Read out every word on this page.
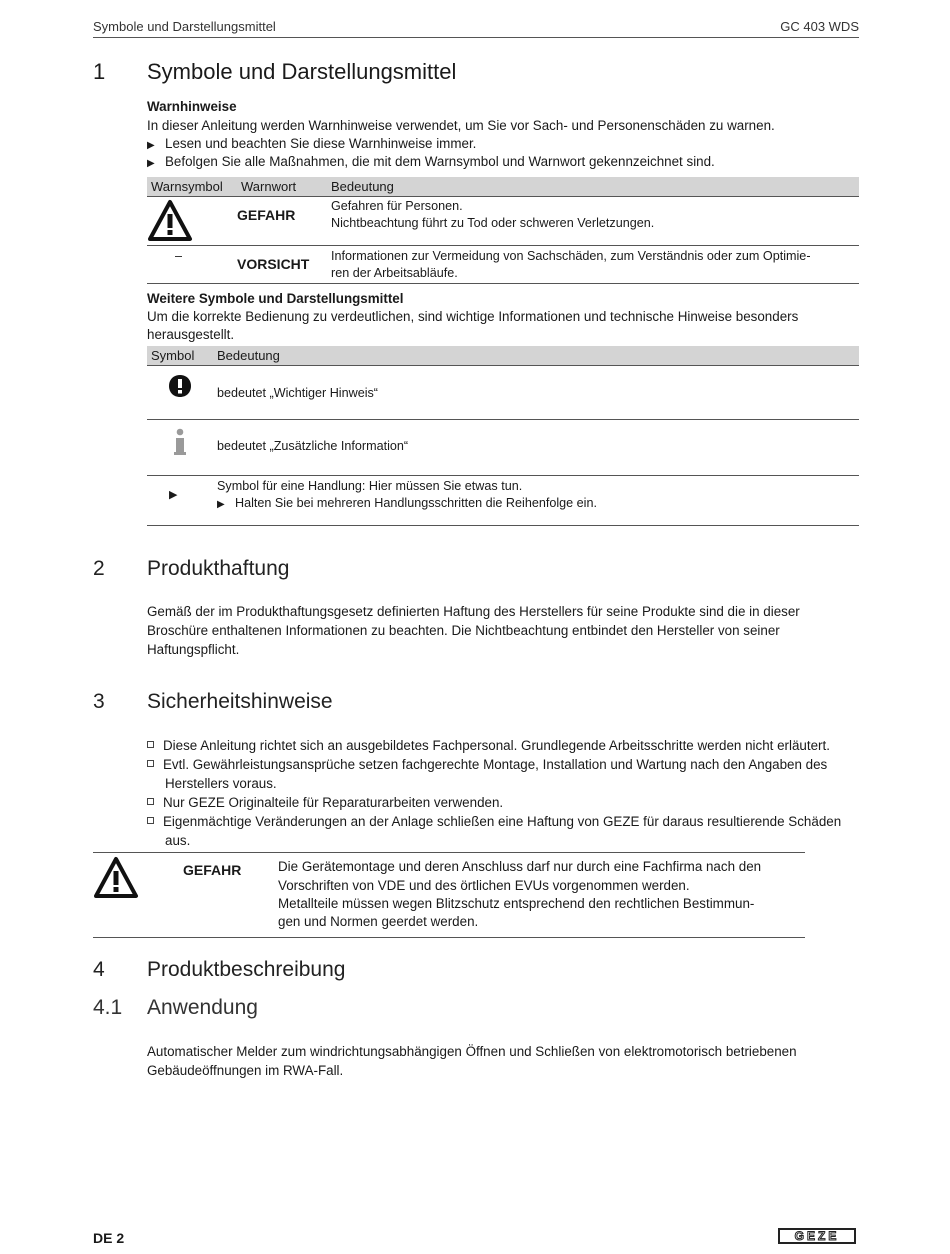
Symbole und Darstellungsmittel	GC 403 WDS
1 Symbole und Darstellungsmittel
Warnhinweise
In dieser Anleitung werden Warnhinweise verwendet, um Sie vor Sach- und Personenschäden zu warnen.
▶ Lesen und beachten Sie diese Warnhinweise immer.
▶ Befolgen Sie alle Maßnahmen, die mit dem Warnsymbol und Warnwort gekennzeichnet sind.
Warnsymbol Warnwort	Bedeutung
GEFAHR
Gefahren für Personen.
Nichtbeachtung führt zu Tod oder schweren Verletzungen.
–	VORSICHT Informationen zur Vermeidung von Sachschäden, zum Verständnis oder zum Optimie-
ren der Arbeitsabläufe.
Weitere Symbole und Darstellungsmittel
Um die korrekte Bedienung zu verdeutlichen, sind wichtige Informationen und technische Hinweise besonders
herausgestellt.
Symbol Bedeutung
bedeutet „Wichtiger Hinweis“
bedeutet „Zusätzliche Information“
▶
Symbol für eine Handlung: Hier müssen Sie etwas tun.
▶ Halten Sie bei mehreren Handlungsschritten die Reihenfolge ein.
2 Produkthaftung
Gemäß der im Produkthaftungsgesetz definierten Haftung des Herstellers für seine Produkte sind die in dieser
Broschüre enthaltenen Informationen zu beachten. Die Nichtbeachtung entbindet den Hersteller von seiner
Haftungspflicht.
3 Sicherheitshinweise
Diese Anleitung richtet sich an ausgebildetes Fachpersonal. Grundlegende Arbeitsschritte werden nicht erläutert.
Evtl. Gewährleistungsansprüche setzen fachgerechte Montage, Installation und Wartung nach den Angaben des Herstellers voraus.
Nur GEZE Originalteile für Reparaturarbeiten verwenden.
Eigenmächtige Veränderungen an der Anlage schließen eine Haftung von GEZE für daraus resultierende Schäden aus.
GEFAHR	Die Gerätemontage und deren Anschluss darf nur durch eine Fachfirma nach den
Vorschriften von VDE und des örtlichen EVUs vorgenommen werden.
Metallteile müssen wegen Blitzschutz entsprechend den rechtlichen Bestimmun-
gen und Normen geerdet werden.
4 Produktbeschreibung
4.1 Anwendung
Automatischer Melder zum windrichtungsabhängigen Öffnen und Schließen von elektromotorisch betriebenen
Gebäudeöffnungen im RWA-Fall.
DE 2	GEZE
